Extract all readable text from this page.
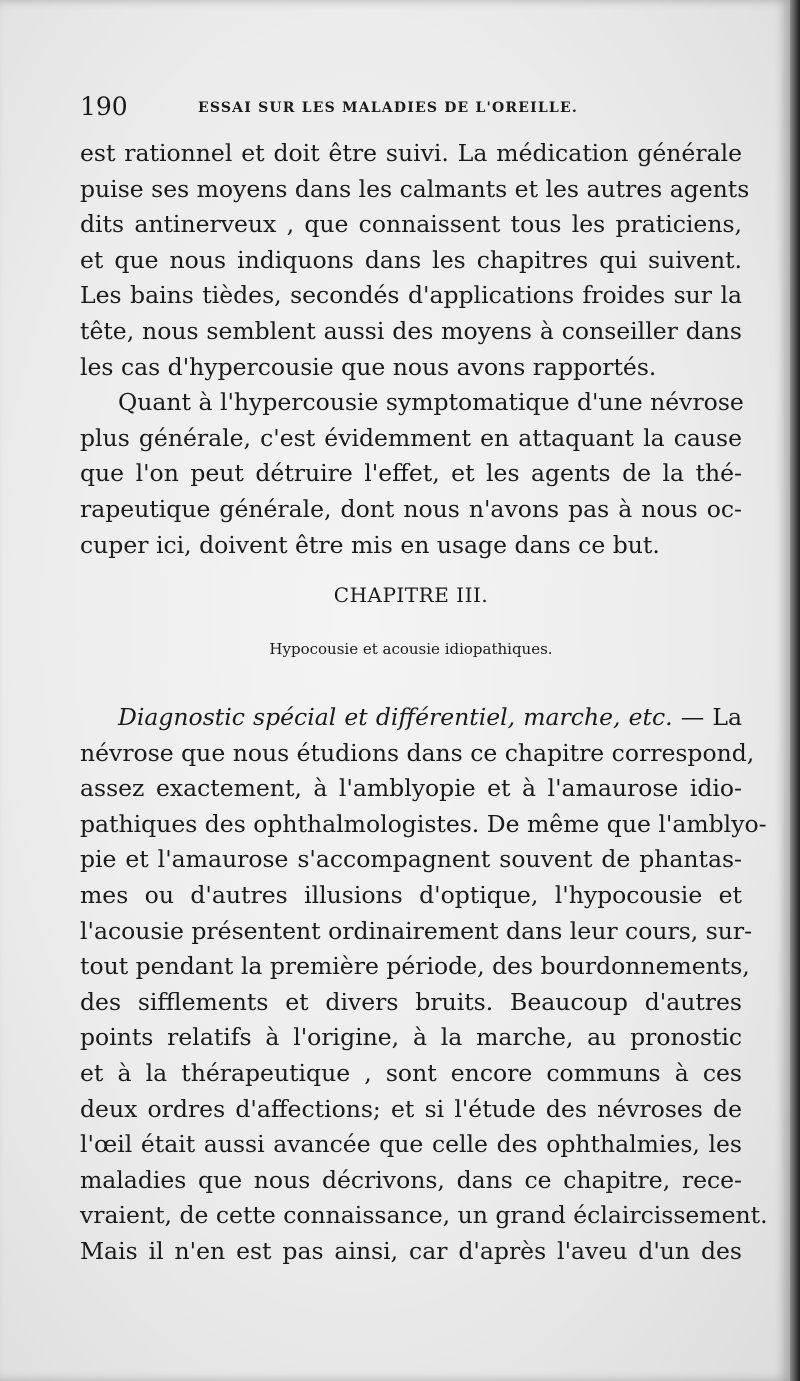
190	ESSAI SUR LES MALADIES DE L'OREILLE.
est rationnel et doit être suivi. La médication générale
puise ses moyens dans les calmants et les autres agents
dits antinerveux , que connaissent tous les praticiens,
et que nous indiquons dans les chapitres qui suivent.
Les bains tièdes, secondés d'applications froides sur la
tête, nous semblent aussi des moyens à conseiller dans
les cas d'hypercousie que nous avons rapportés.
Quant à l'hypercousie symptomatique d'une névrose
plus générale, c'est évidemment en attaquant la cause
que l'on peut détruire l'effet, et les agents de la thé-
rapeutique générale, dont nous n'avons pas à nous oc-
cuper ici, doivent être mis en usage dans ce but.
CHAPITRE III.
Hypocousie et acousie idiopathiques.
Diagnostic spécial et différentiel, marche, etc. — La
névrose que nous étudions dans ce chapitre correspond,
assez exactement, à l'amblyopie et à l'amaurose idio-
pathiques des ophthalmologistes. De même que l'amblyo-
pie et l'amaurose s'accompagnent souvent de phantas-
mes ou d'autres illusions d'optique, l'hypocousie et
l'acousie présentent ordinairement dans leur cours, sur-
tout pendant la première période, des bourdonnements,
des sifflements et divers bruits. Beaucoup d'autres
points relatifs à l'origine, à la marche, au pronostic
et à la thérapeutique , sont encore communs à ces
deux ordres d'affections; et si l'étude des névroses de
l'œil était aussi avancée que celle des ophthalmies, les
maladies que nous décrivons, dans ce chapitre, rece-
vraient, de cette connaissance, un grand éclaircissement.
Mais il n'en est pas ainsi, car d'après l'aveu d'un des
